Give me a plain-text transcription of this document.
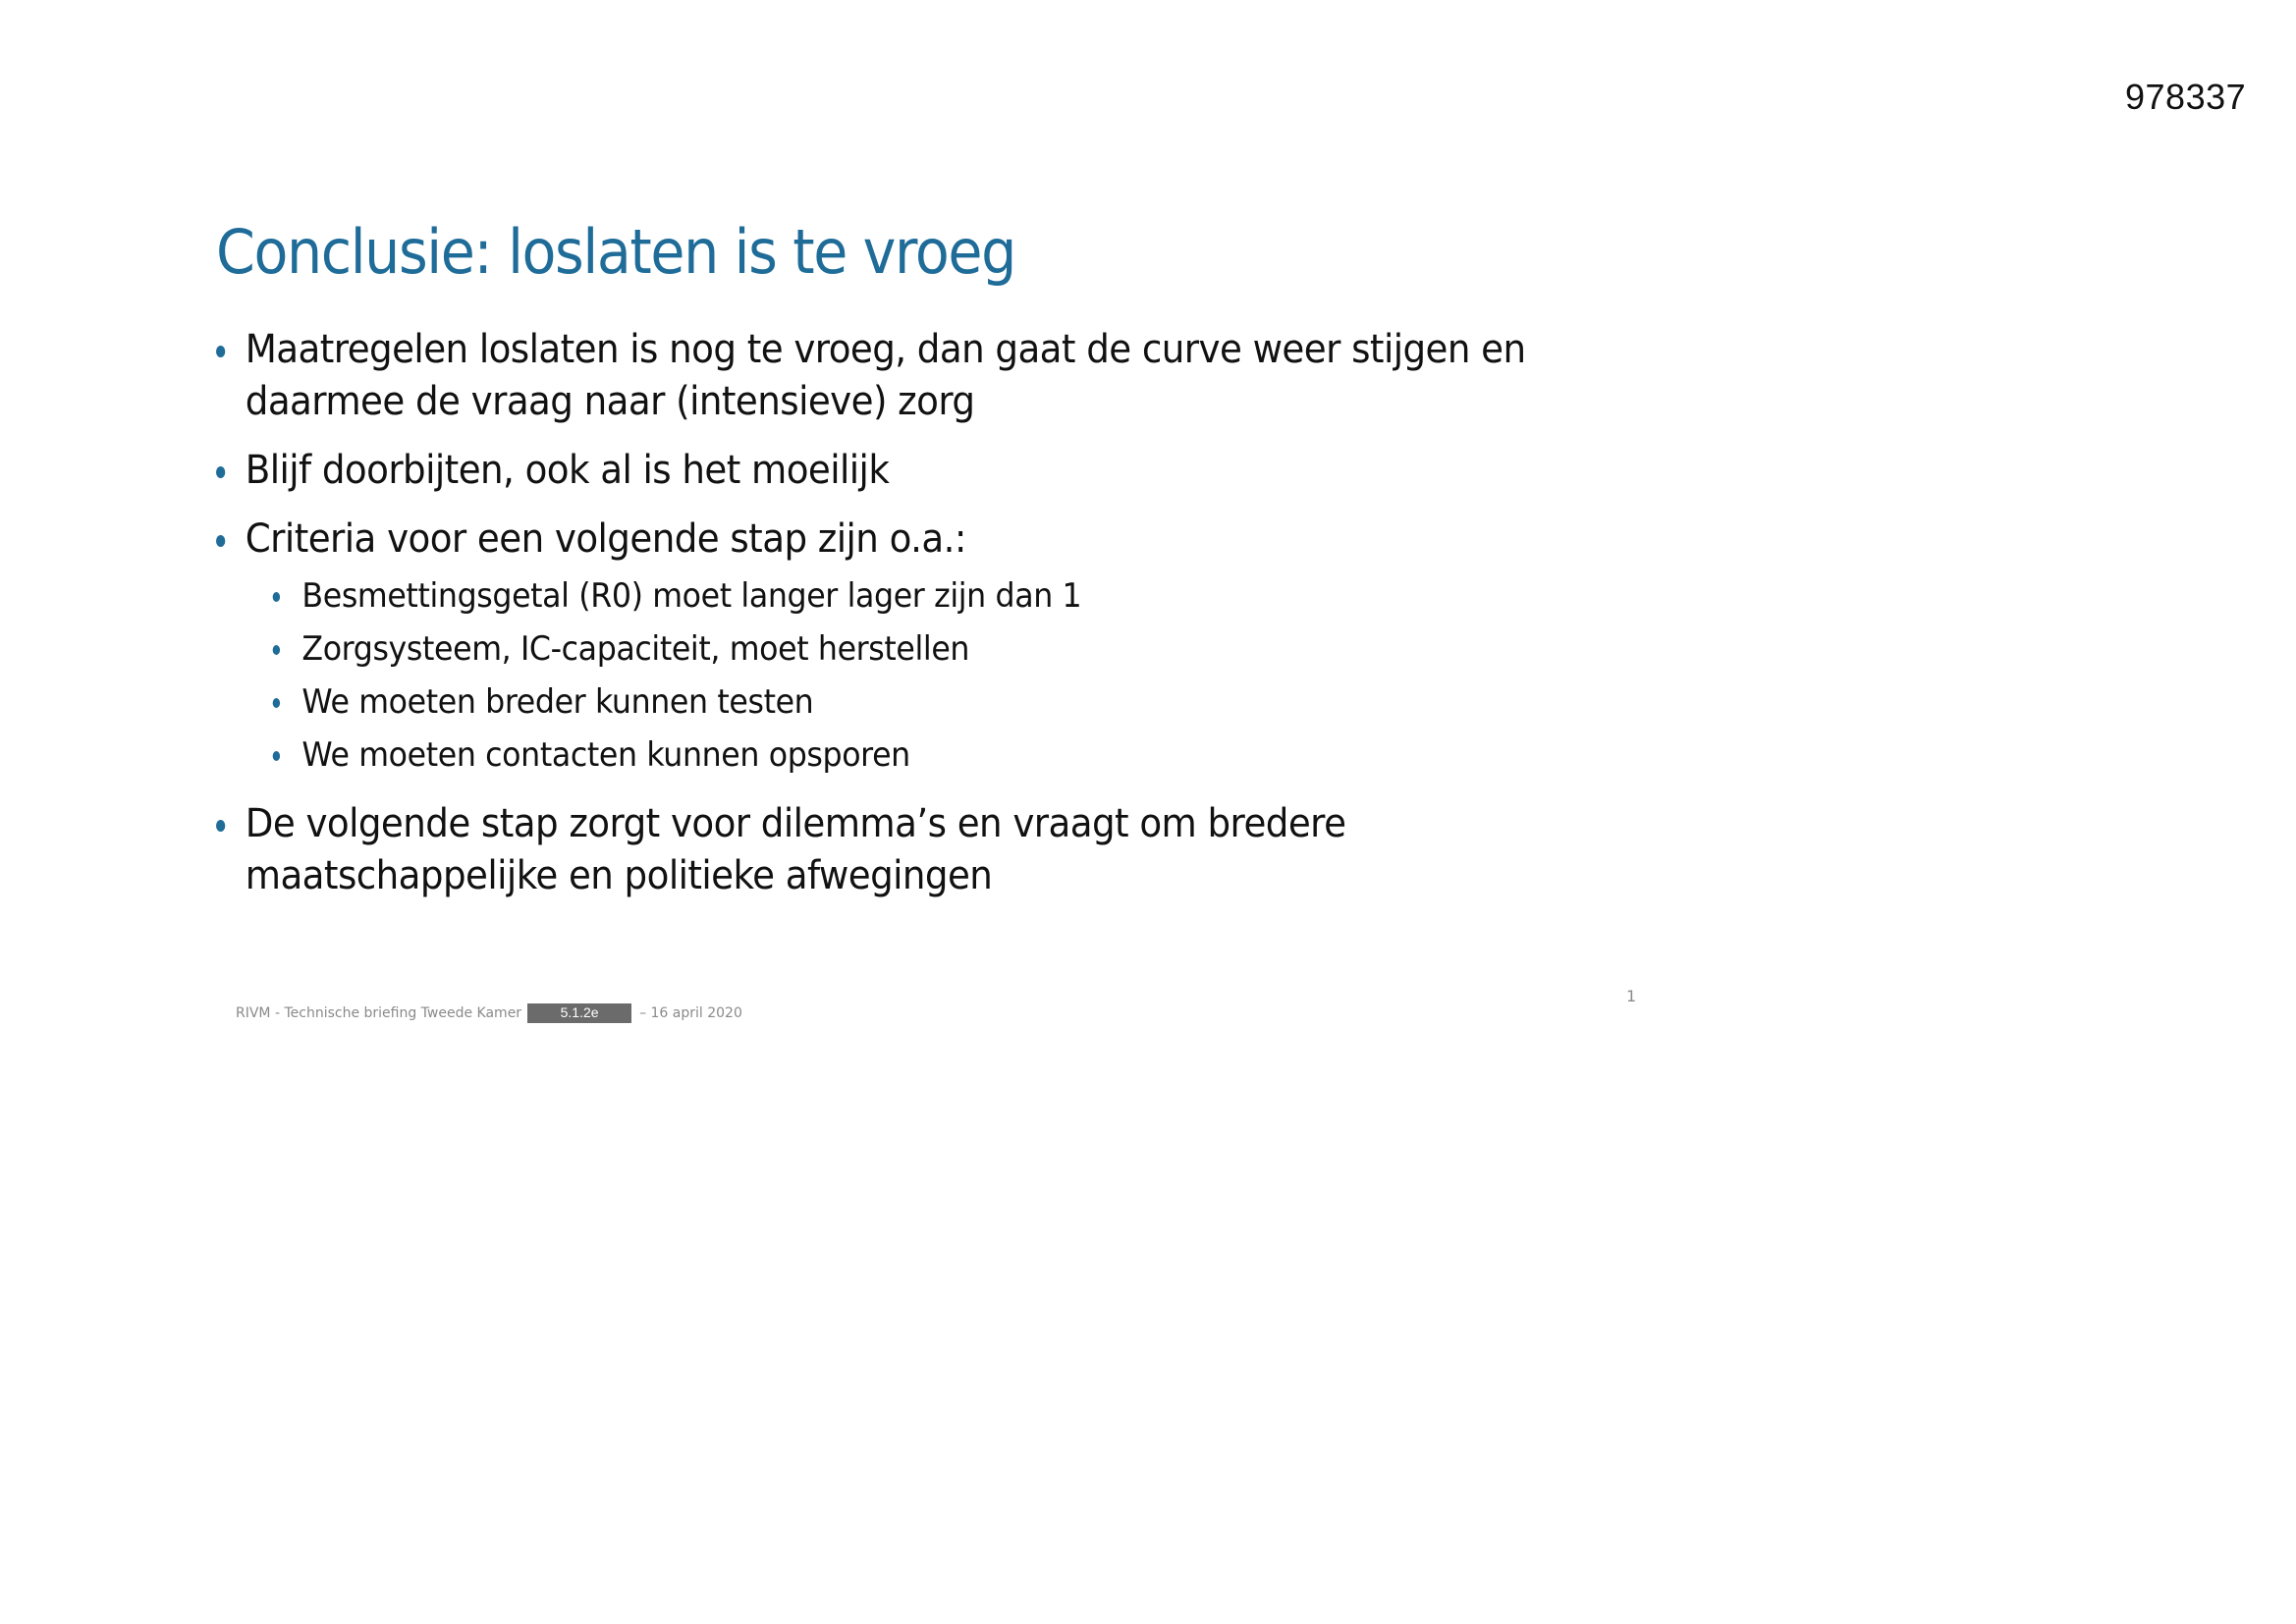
978337
Conclusie: loslaten is te vroeg
Maatregelen loslaten is nog te vroeg, dan gaat de curve weer stijgen en daarmee de vraag naar (intensieve) zorg
Blijf doorbijten, ook al is het moeilijk
Criteria voor een volgende stap zijn o.a.:
Besmettingsgetal (R0) moet langer lager zijn dan 1
Zorgsysteem, IC-capaciteit, moet herstellen
We moeten breder kunnen testen
We moeten contacten kunnen opsporen
De volgende stap zorgt voor dilemma’s en vraagt om bredere maatschappelijke en politieke afwegingen
1
RIVM - Technische briefing Tweede Kamer	5.1.2e	– 16 april 2020
